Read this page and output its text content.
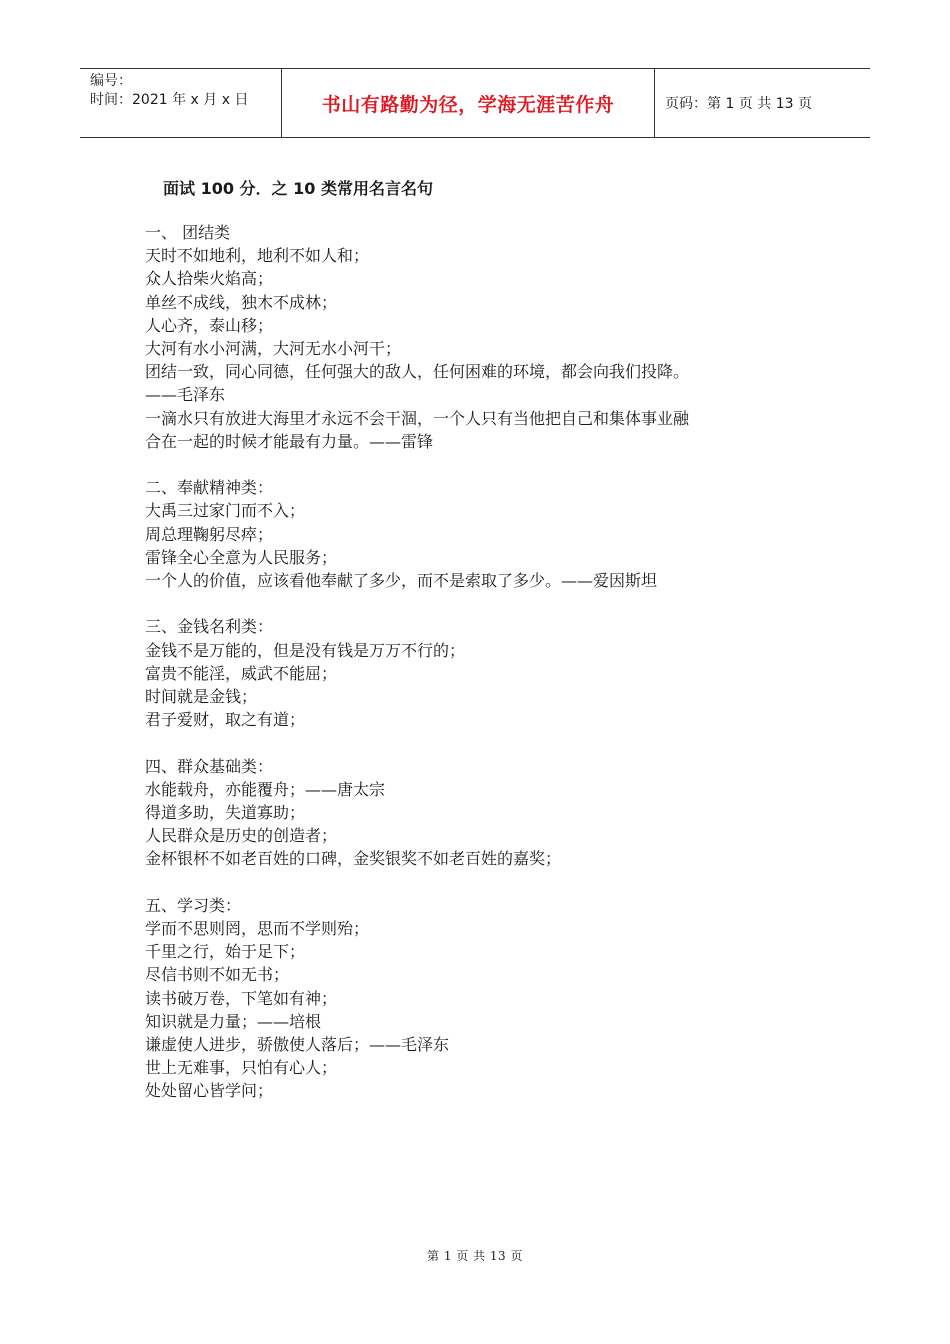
编号：
时间：2021 年 x 月 x 日	书山有路勤为径，学海无涯苦作舟	页码：第 1 页 共 13 页
面试 100 分．之 10 类常用名言名句
一、 团结类
天时不如地利，地利不如人和；
众人拾柴火焰高；
单丝不成线，独木不成林；
人心齐，泰山移；
大河有水小河满，大河无水小河干；
团结一致，同心同德，任何强大的敌人，任何困难的环境，都会向我们投降。
——毛泽东
一滴水只有放进大海里才永远不会干涸，一个人只有当他把自己和集体事业融
合在一起的时候才能最有力量。——雷锋
二、奉献精神类：
大禹三过家门而不入；
周总理鞠躬尽瘁；
雷锋全心全意为人民服务；
一个人的价值，应该看他奉献了多少，而不是索取了多少。——爱因斯坦
三、金钱名利类：
金钱不是万能的，但是没有钱是万万不行的；
富贵不能淫，威武不能屈；
时间就是金钱；
君子爱财，取之有道；
四、群众基础类：
水能载舟，亦能覆舟；——唐太宗
得道多助，失道寡助；
人民群众是历史的创造者；
金杯银杯不如老百姓的口碑，金奖银奖不如老百姓的嘉奖；
五、学习类：
学而不思则罔，思而不学则殆；
千里之行，始于足下；
尽信书则不如无书；
读书破万卷，下笔如有神；
知识就是力量；——培根
谦虚使人进步，骄傲使人落后；——毛泽东
世上无难事，只怕有心人；
处处留心皆学问；
第 1 页 共 13 页
